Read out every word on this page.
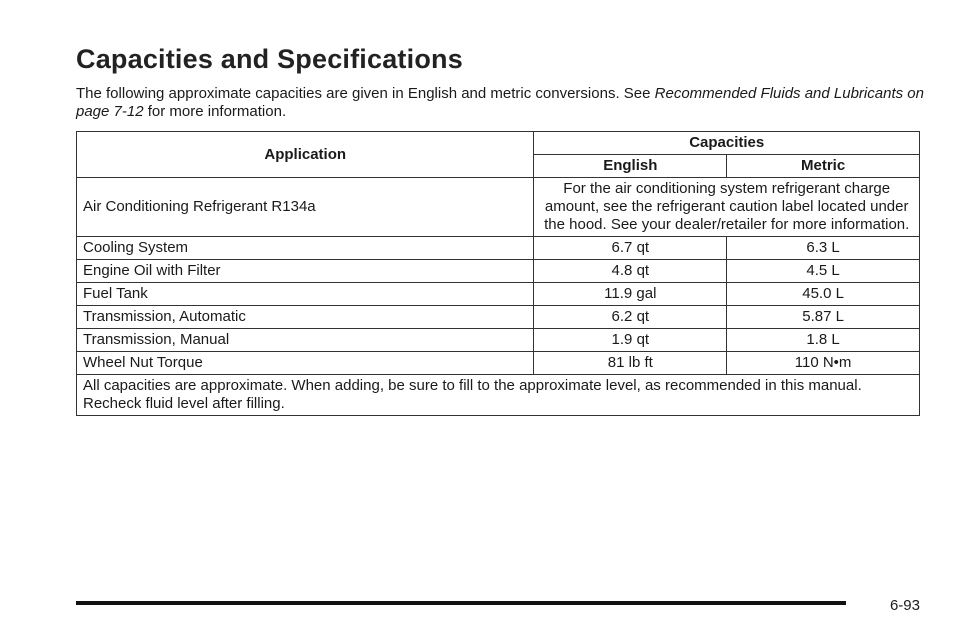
Capacities and Specifications

The following approximate capacities are given in English and metric conversions. See Recommended Fluids and Lubricants on page 7-12 for more information.

Application	Capacities	
	English	Metric
Air Conditioning Refrigerant R134a	For the air conditioning system refrigerant charge amount, see the refrigerant caution label located under the hood. See your dealer/retailer for more information.	
Cooling System	6.7 qt	6.3 L
Engine Oil with Filter	4.8 qt	4.5 L
Fuel Tank	11.9 gal	45.0 L
Transmission, Automatic	6.2 qt	5.87 L
Transmission, Manual	1.9 qt	1.8 L
Wheel Nut Torque	81 lb ft	110 N•m
All capacities are approximate. When adding, be sure to fill to the approximate level, as recommended in this manual. Recheck fluid level after filling.		
6-93
